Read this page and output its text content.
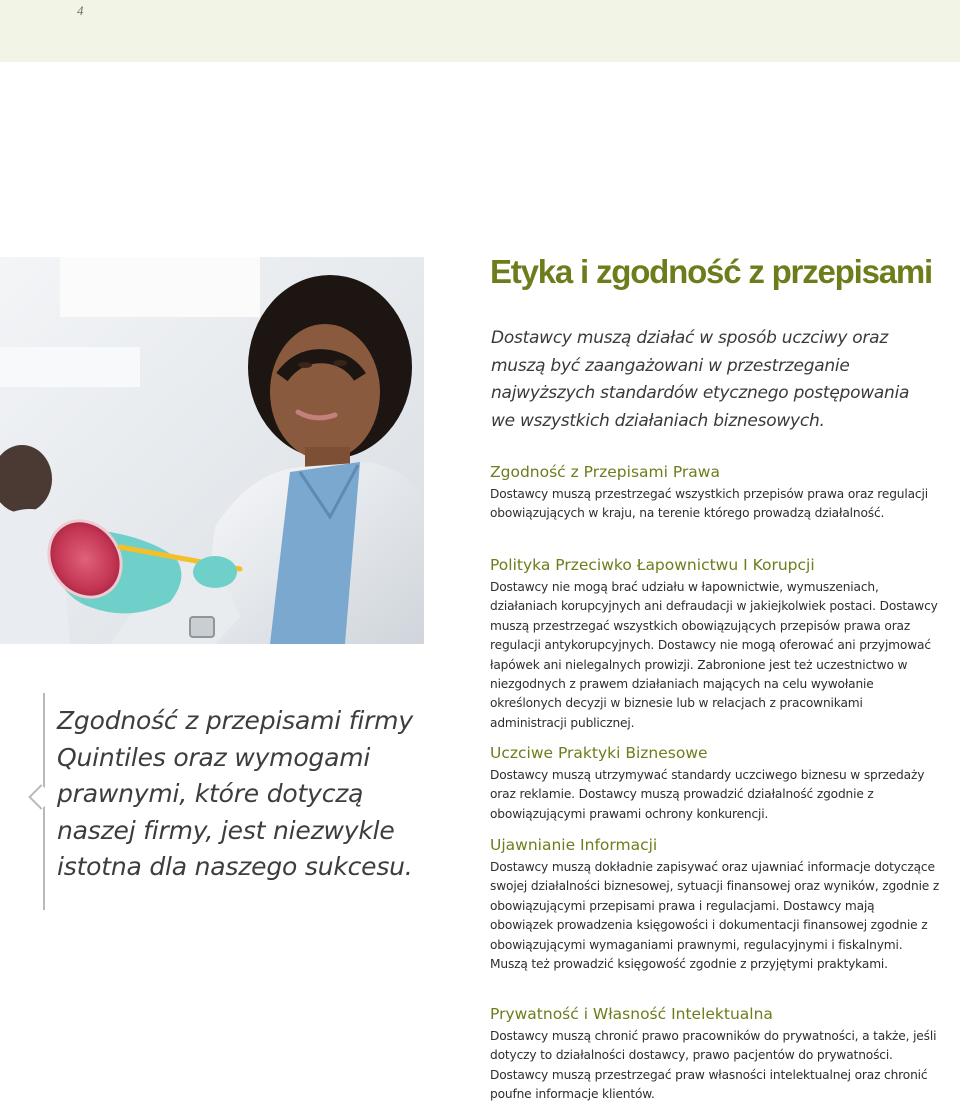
4

Zgodność z przepisami firmy Quintiles oraz wymogami prawnymi, które dotyczą naszej firmy, jest niezwykle istotna dla naszego sukcesu.

Etyka i zgodność z przepisami

Dostawcy muszą działać w sposób uczciwy oraz muszą być zaangażowani w przestrzeganie najwyższych standardów etycznego postępowania we wszystkich działaniach biznesowych.

Zgodność z Przepisami Prawa

Dostawcy muszą przestrzegać wszystkich przepisów prawa oraz regulacji obowiązujących w kraju, na terenie którego prowadzą działalność.

Polityka Przeciwko Łapownictwu I Korupcji

Dostawcy nie mogą brać udziału w łapownictwie, wymuszeniach, działaniach korupcyjnych ani defraudacji w jakiejkolwiek postaci. Dostawcy muszą przestrzegać wszystkich obowiązujących przepisów prawa oraz regulacji antykorupcyjnych. Dostawcy nie mogą oferować ani przyjmować łapówek ani nielegalnych prowizji. Zabronione jest też uczestnictwo w niezgodnych z prawem działaniach mających na celu wywołanie określonych decyzji w biznesie lub w relacjach z pracownikami administracji publicznej.

Uczciwe Praktyki Biznesowe

Dostawcy muszą utrzymywać standardy uczciwego biznesu w sprzedaży oraz reklamie. Dostawcy muszą prowadzić działalność zgodnie z obowiązującymi prawami ochrony konkurencji.

Ujawnianie Informacji

Dostawcy muszą dokładnie zapisywać oraz ujawniać informacje dotyczące swojej działalności biznesowej, sytuacji finansowej oraz wyników, zgodnie z obowiązującymi przepisami prawa i regulacjami. Dostawcy mają obowiązek prowadzenia księgowości i dokumentacji finansowej zgodnie z obowiązującymi wymaganiami prawnymi, regulacyjnymi i fiskalnymi. Muszą też prowadzić księgowość zgodnie z przyjętymi praktykami.

Prywatność i Własność Intelektualna

Dostawcy muszą chronić prawo pracowników do prywatności, a także, jeśli dotyczy to działalności dostawcy, prawo pacjentów do prywatności. Dostawcy muszą przestrzegać praw własności intelektualnej oraz chronić poufne informacje klientów.
